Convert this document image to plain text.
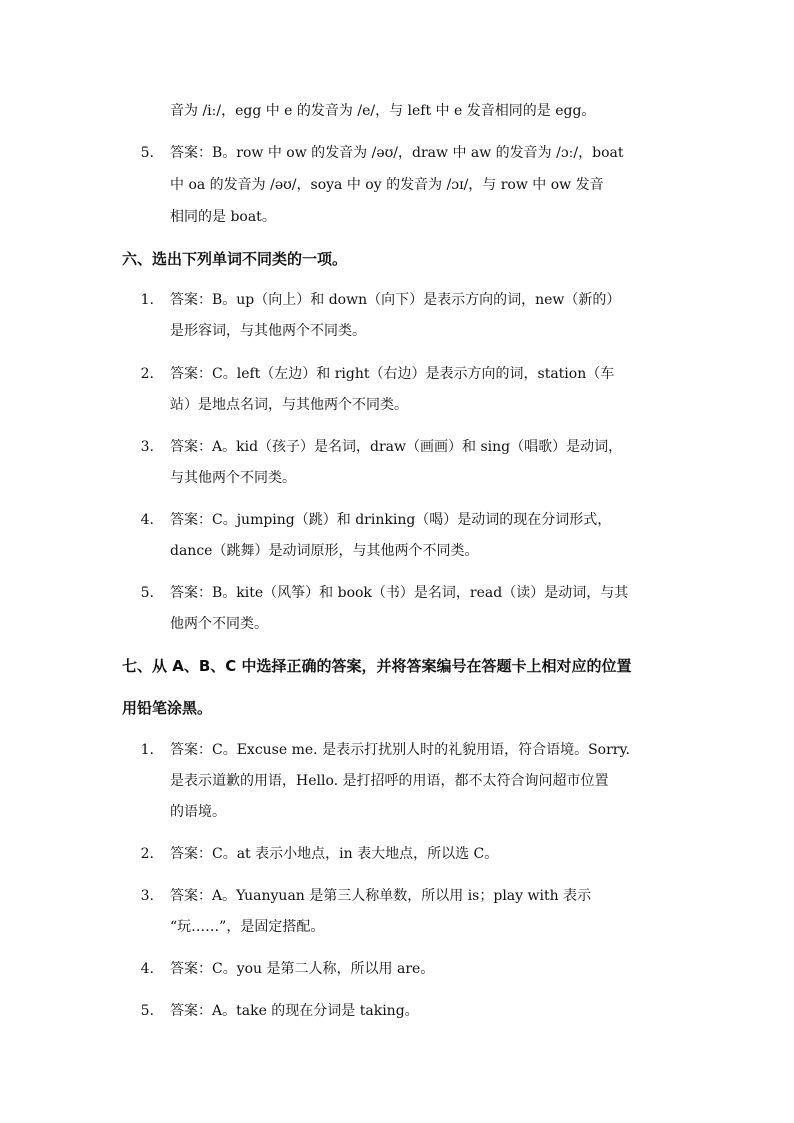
音为 /iː/，egg 中 e 的发音为 /e/，与 left 中 e 发音相同的是 egg。
5. 答案：B。row 中 ow 的发音为 /əʊ/，draw 中 aw 的发音为 /ɔː/，boat
中 oa 的发音为 /əʊ/，soya 中 oy 的发音为 /ɔɪ/，与 row 中 ow 发音
相同的是 boat。
六、选出下列单词不同类的一项。
1. 答案：B。up（向上）和 down（向下）是表示方向的词，new（新的）
是形容词，与其他两个不同类。
2. 答案：C。left（左边）和 right（右边）是表示方向的词，station（车
站）是地点名词，与其他两个不同类。
3. 答案：A。kid（孩子）是名词，draw（画画）和 sing（唱歌）是动词，
与其他两个不同类。
4. 答案：C。jumping（跳）和 drinking（喝）是动词的现在分词形式，
dance（跳舞）是动词原形，与其他两个不同类。
5. 答案：B。kite（风筝）和 book（书）是名词，read（读）是动词，与其
他两个不同类。
七、从 A、B、C 中选择正确的答案，并将答案编号在答题卡上相对应的位置
用铅笔涂黑。
1. 答案：C。Excuse me. 是表示打扰别人时的礼貌用语，符合语境。Sorry.
是表示道歉的用语，Hello. 是打招呼的用语，都不太符合询问超市位置
的语境。
2. 答案：C。at 表示小地点，in 表大地点，所以选 C。
3. 答案：A。Yuanyuan 是第三人称单数，所以用 is；play with 表示
“玩……”，是固定搭配。
4. 答案：C。you 是第二人称，所以用 are。
5. 答案：A。take 的现在分词是 taking。
